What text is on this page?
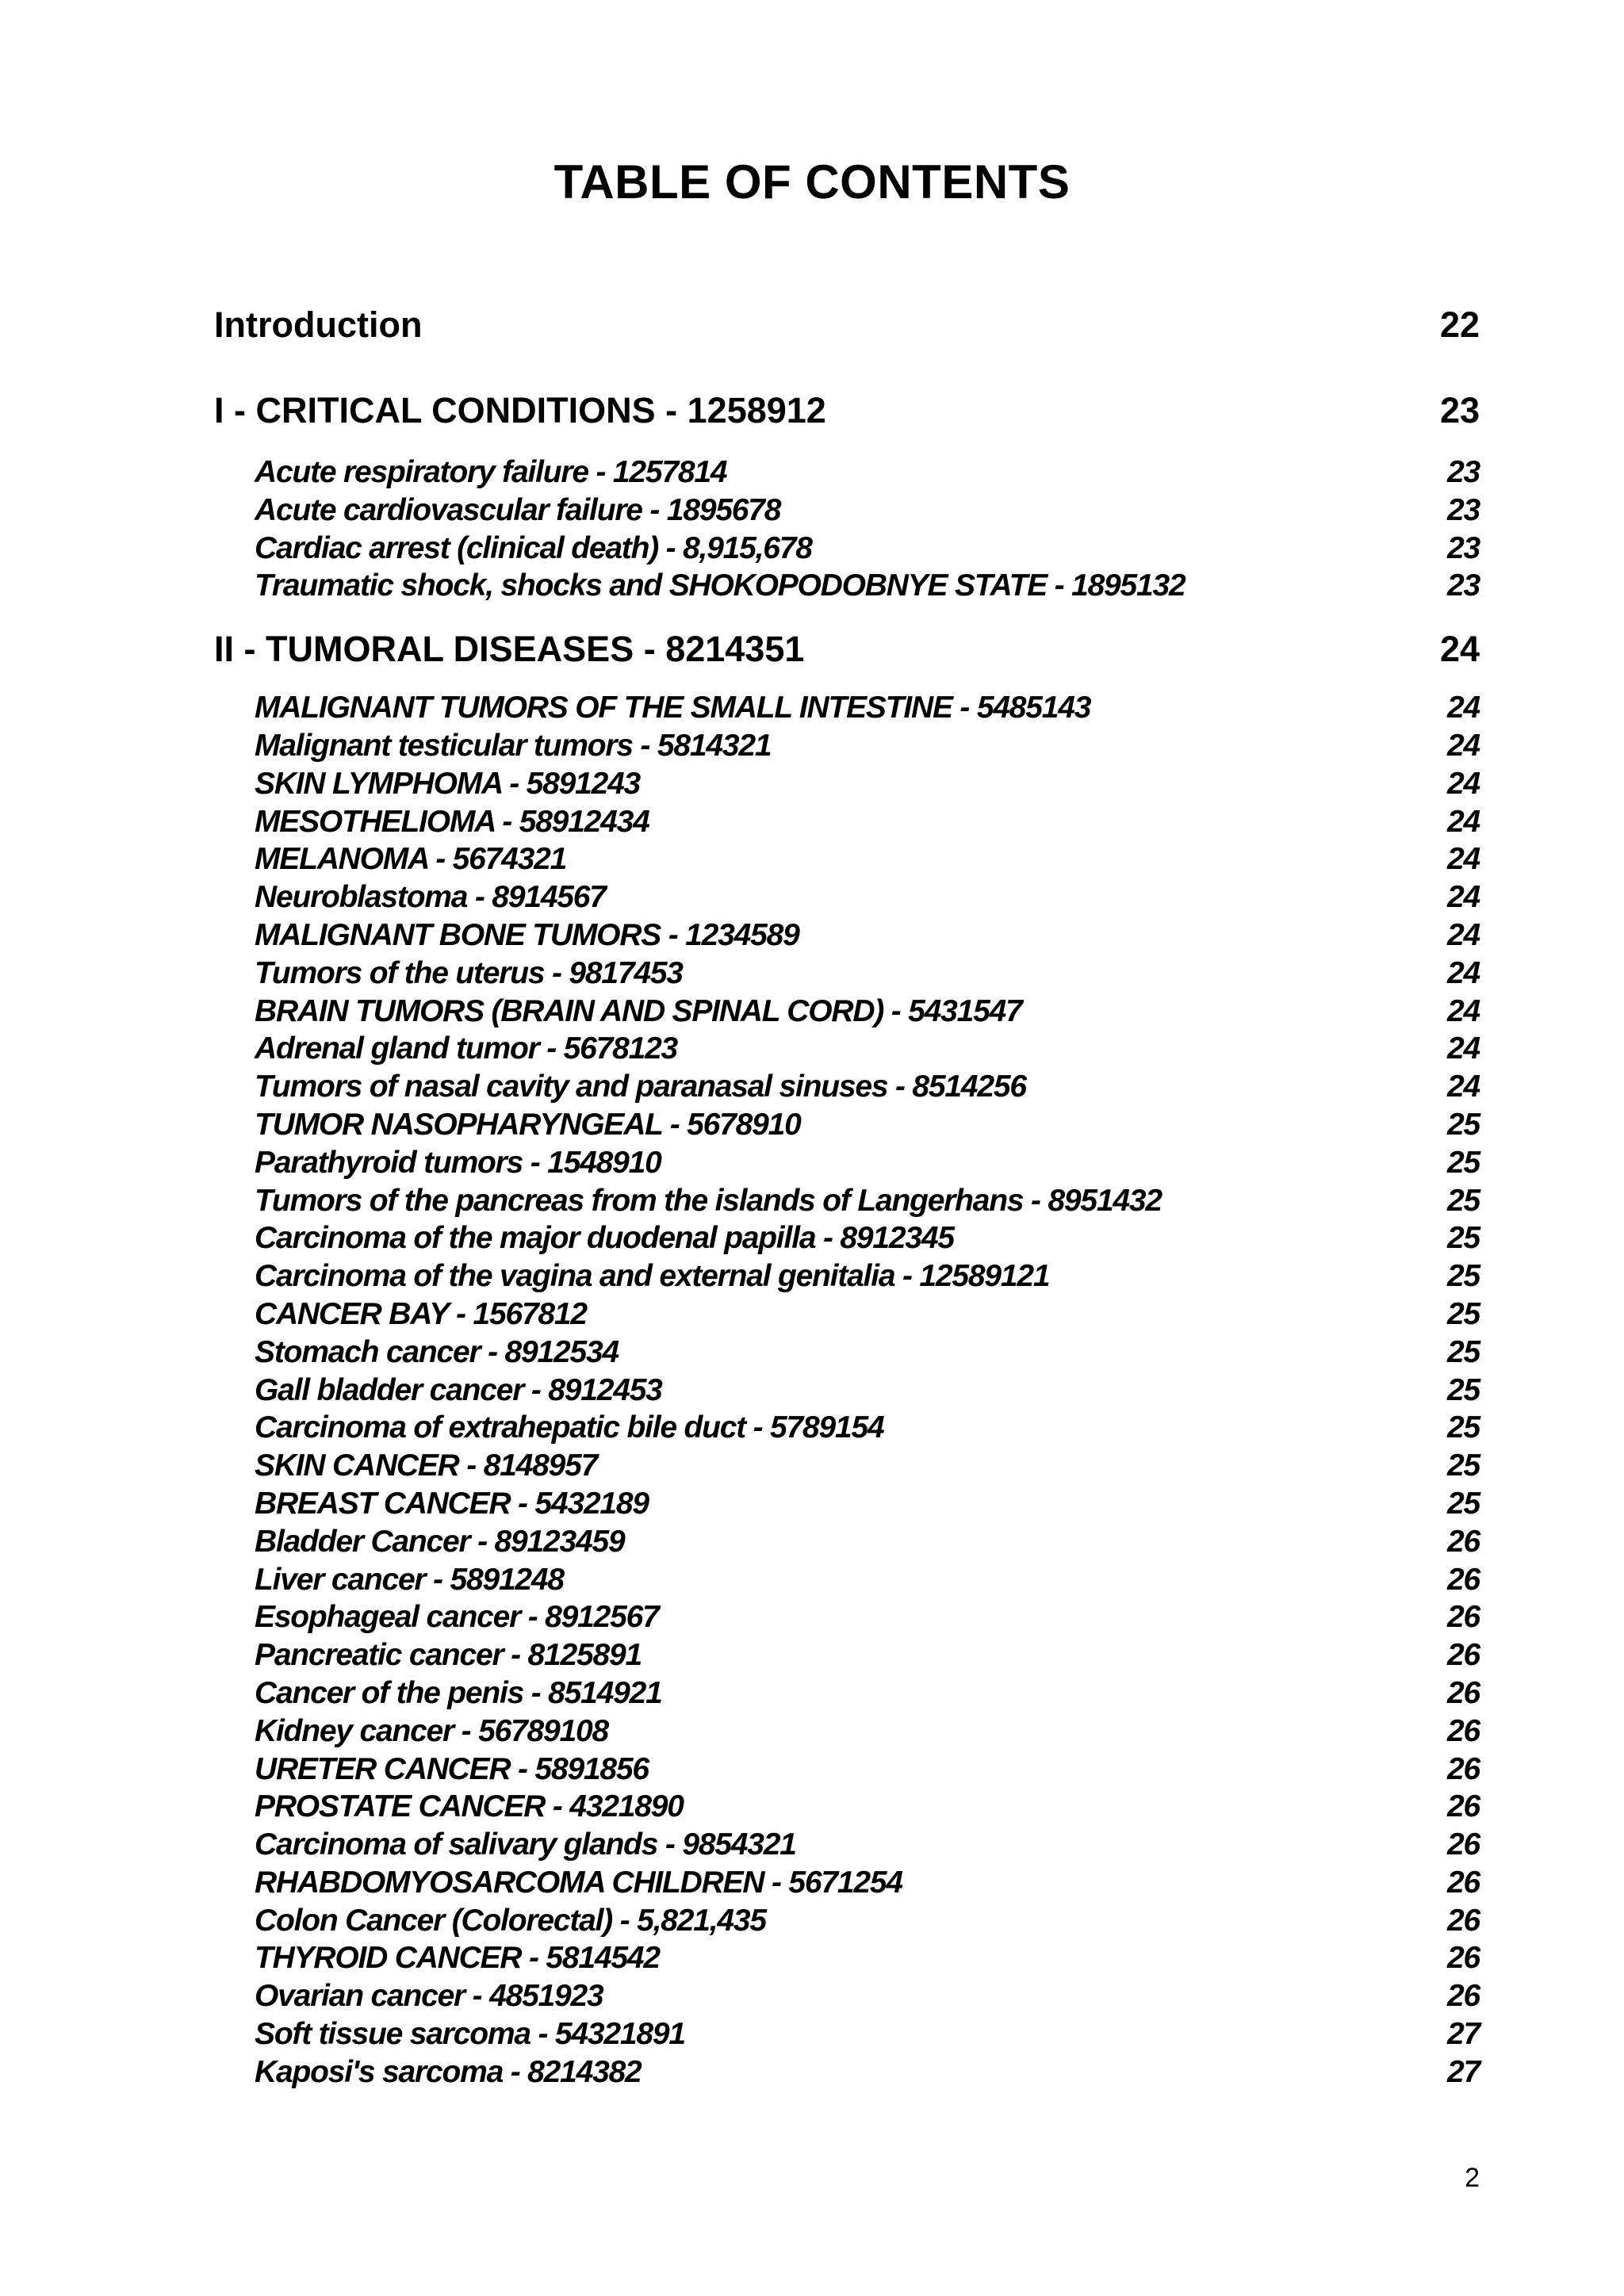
TABLE OF CONTENTS
Introduction	22
I - CRITICAL CONDITIONS - 1258912	23
Acute respiratory failure - 1257814	23
Acute cardiovascular failure - 1895678	23
Cardiac arrest (clinical death) - 8,915,678	23
Traumatic shock, shocks and SHOKOPODOBNYE STATE - 1895132	23
II - TUMORAL DISEASES - 8214351	24
MALIGNANT TUMORS OF THE SMALL INTESTINE - 5485143	24
Malignant testicular tumors - 5814321	24
SKIN LYMPHOMA - 5891243	24
MESOTHELIOMA - 58912434	24
MELANOMA - 5674321	24
Neuroblastoma - 8914567	24
MALIGNANT BONE TUMORS - 1234589	24
Tumors of the uterus - 9817453	24
BRAIN TUMORS (BRAIN AND SPINAL CORD) - 5431547	24
Adrenal gland tumor - 5678123	24
Tumors of nasal cavity and paranasal sinuses - 8514256	24
TUMOR NASOPHARYNGEAL - 5678910	25
Parathyroid tumors - 1548910	25
Tumors of the pancreas from the islands of Langerhans - 8951432	25
Carcinoma of the major duodenal papilla - 8912345	25
Carcinoma of the vagina and external genitalia - 12589121	25
CANCER BAY - 1567812	25
Stomach cancer - 8912534	25
Gall bladder cancer - 8912453	25
Carcinoma of extrahepatic bile duct - 5789154	25
SKIN CANCER - 8148957	25
BREAST CANCER - 5432189	25
Bladder Cancer - 89123459	26
Liver cancer - 5891248	26
Esophageal cancer - 8912567	26
Pancreatic cancer - 8125891	26
Cancer of the penis - 8514921	26
Kidney cancer - 56789108	26
URETER CANCER - 5891856	26
PROSTATE CANCER - 4321890	26
Carcinoma of salivary glands - 9854321	26
RHABDOMYOSARCOMA CHILDREN - 5671254	26
Colon Cancer (Colorectal) - 5,821,435	26
THYROID CANCER - 5814542	26
Ovarian cancer - 4851923	26
Soft tissue sarcoma - 54321891	27
Kaposi's sarcoma - 8214382	27
2
